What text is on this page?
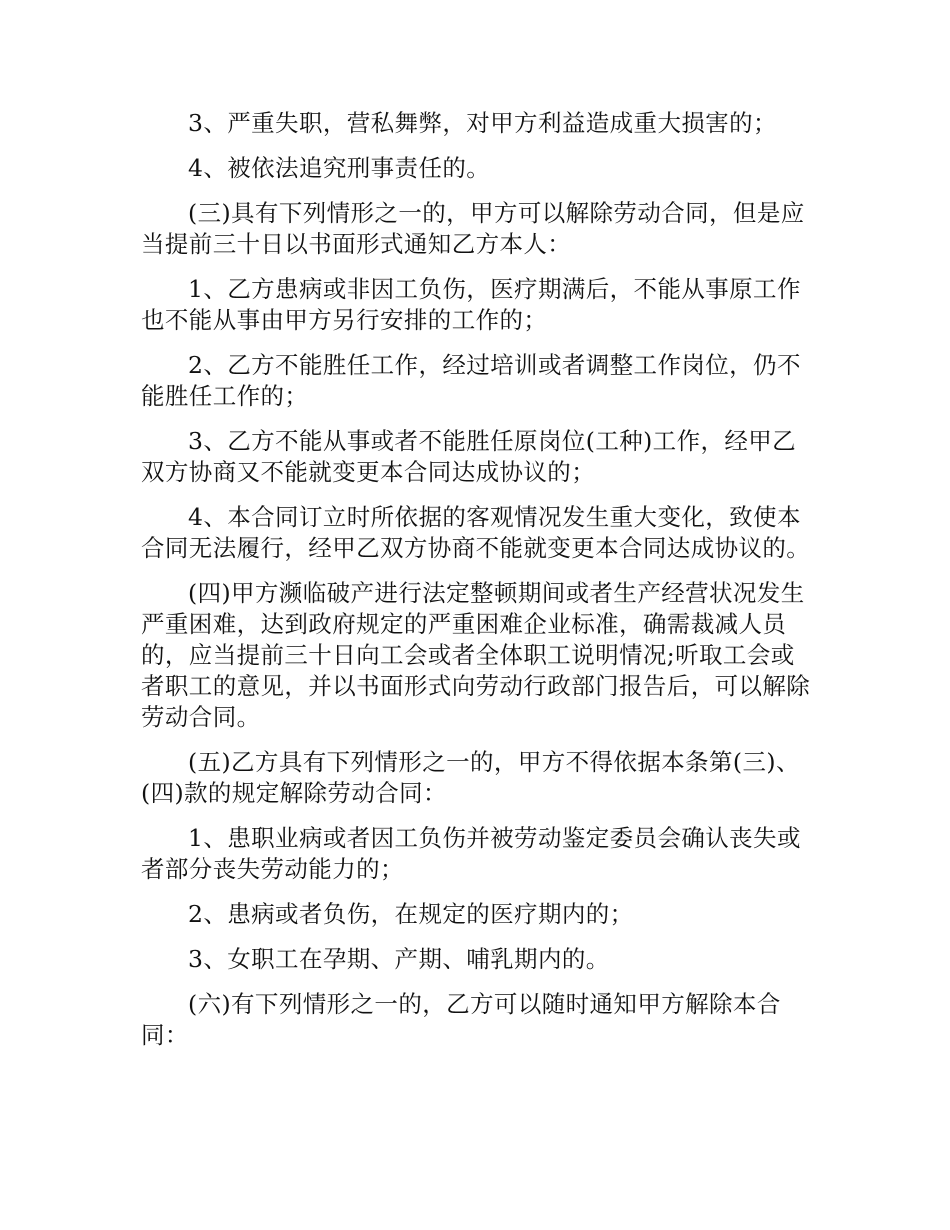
3、严重失职，营私舞弊，对甲方利益造成重大损害的；

4、被依法追究刑事责任的。

(三)具有下列情形之一的，甲方可以解除劳动合同，但是应当提前三十日以书面形式通知乙方本人：

1、乙方患病或非因工负伤，医疗期满后，不能从事原工作也不能从事由甲方另行安排的工作的；

2、乙方不能胜任工作，经过培训或者调整工作岗位，仍不能胜任工作的；

3、乙方不能从事或者不能胜任原岗位(工种)工作，经甲乙双方协商又不能就变更本合同达成协议的；

4、本合同订立时所依据的客观情况发生重大变化，致使本合同无法履行，经甲乙双方协商不能就变更本合同达成协议的。

(四)甲方濒临破产进行法定整顿期间或者生产经营状况发生严重困难，达到政府规定的严重困难企业标准，确需裁减人员的，应当提前三十日向工会或者全体职工说明情况;听取工会或者职工的意见，并以书面形式向劳动行政部门报告后，可以解除劳动合同。

(五)乙方具有下列情形之一的，甲方不得依据本条第(三)、(四)款的规定解除劳动合同：

1、患职业病或者因工负伤并被劳动鉴定委员会确认丧失或者部分丧失劳动能力的；

2、患病或者负伤，在规定的医疗期内的；

3、女职工在孕期、产期、哺乳期内的。

(六)有下列情形之一的，乙方可以随时通知甲方解除本合同：
